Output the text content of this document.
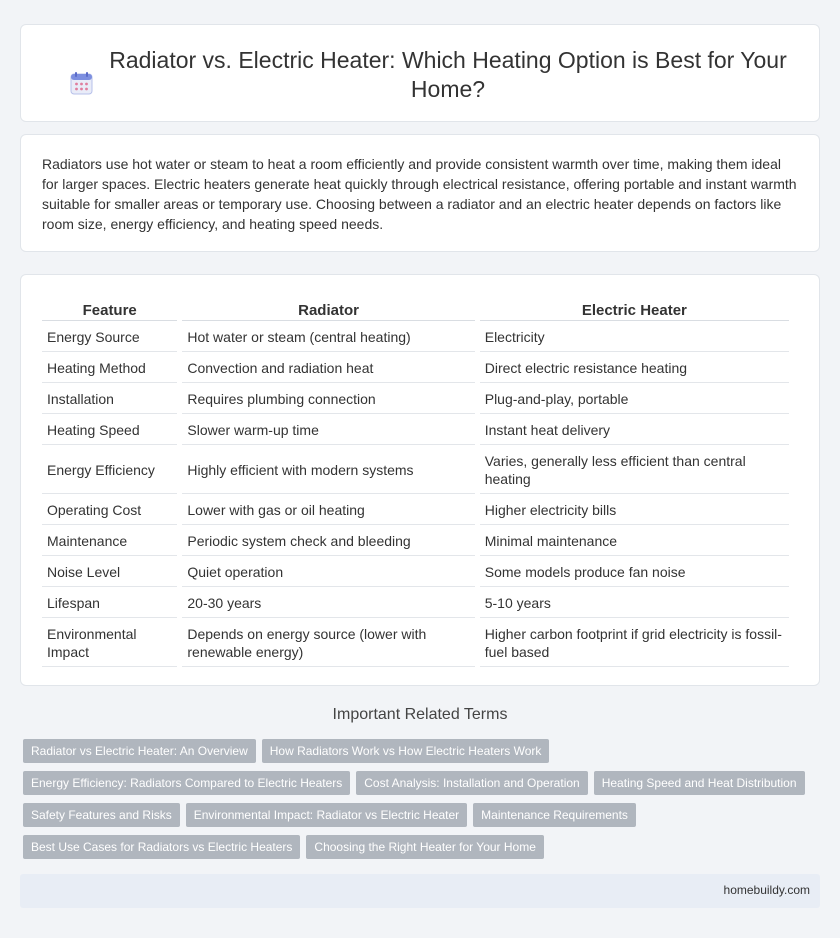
Radiator vs. Electric Heater: Which Heating Option is Best for Your Home?

Radiators use hot water or steam to heat a room efficiently and provide consistent warmth over time, making them ideal for larger spaces. Electric heaters generate heat quickly through electrical resistance, offering portable and instant warmth suitable for smaller areas or temporary use. Choosing between a radiator and an electric heater depends on factors like room size, energy efficiency, and heating speed needs.

Feature	Radiator	Electric Heater
Energy Source	Hot water or steam (central heating)	Electricity
Heating Method	Convection and radiation heat	Direct electric resistance heating
Installation	Requires plumbing connection	Plug-and-play, portable
Heating Speed	Slower warm-up time	Instant heat delivery
Energy Efficiency	Highly efficient with modern systems	Varies, generally less efficient than central heating
Operating Cost	Lower with gas or oil heating	Higher electricity bills
Maintenance	Periodic system check and bleeding	Minimal maintenance
Noise Level	Quiet operation	Some models produce fan noise
Lifespan	20-30 years	5-10 years
Environmental Impact	Depends on energy source (lower with renewable energy)	Higher carbon footprint if grid electricity is fossil-fuel based
Important Related Terms
Radiator vs Electric Heater: An Overview	How Radiators Work vs How Electric Heaters Work
Energy Efficiency: Radiators Compared to Electric Heaters	Cost Analysis: Installation and Operation	Heating Speed and Heat Distribution
Safety Features and Risks	Environmental Impact: Radiator vs Electric Heater	Maintenance Requirements
Best Use Cases for Radiators vs Electric Heaters	Choosing the Right Heater for Your Home
homebuildy.com
